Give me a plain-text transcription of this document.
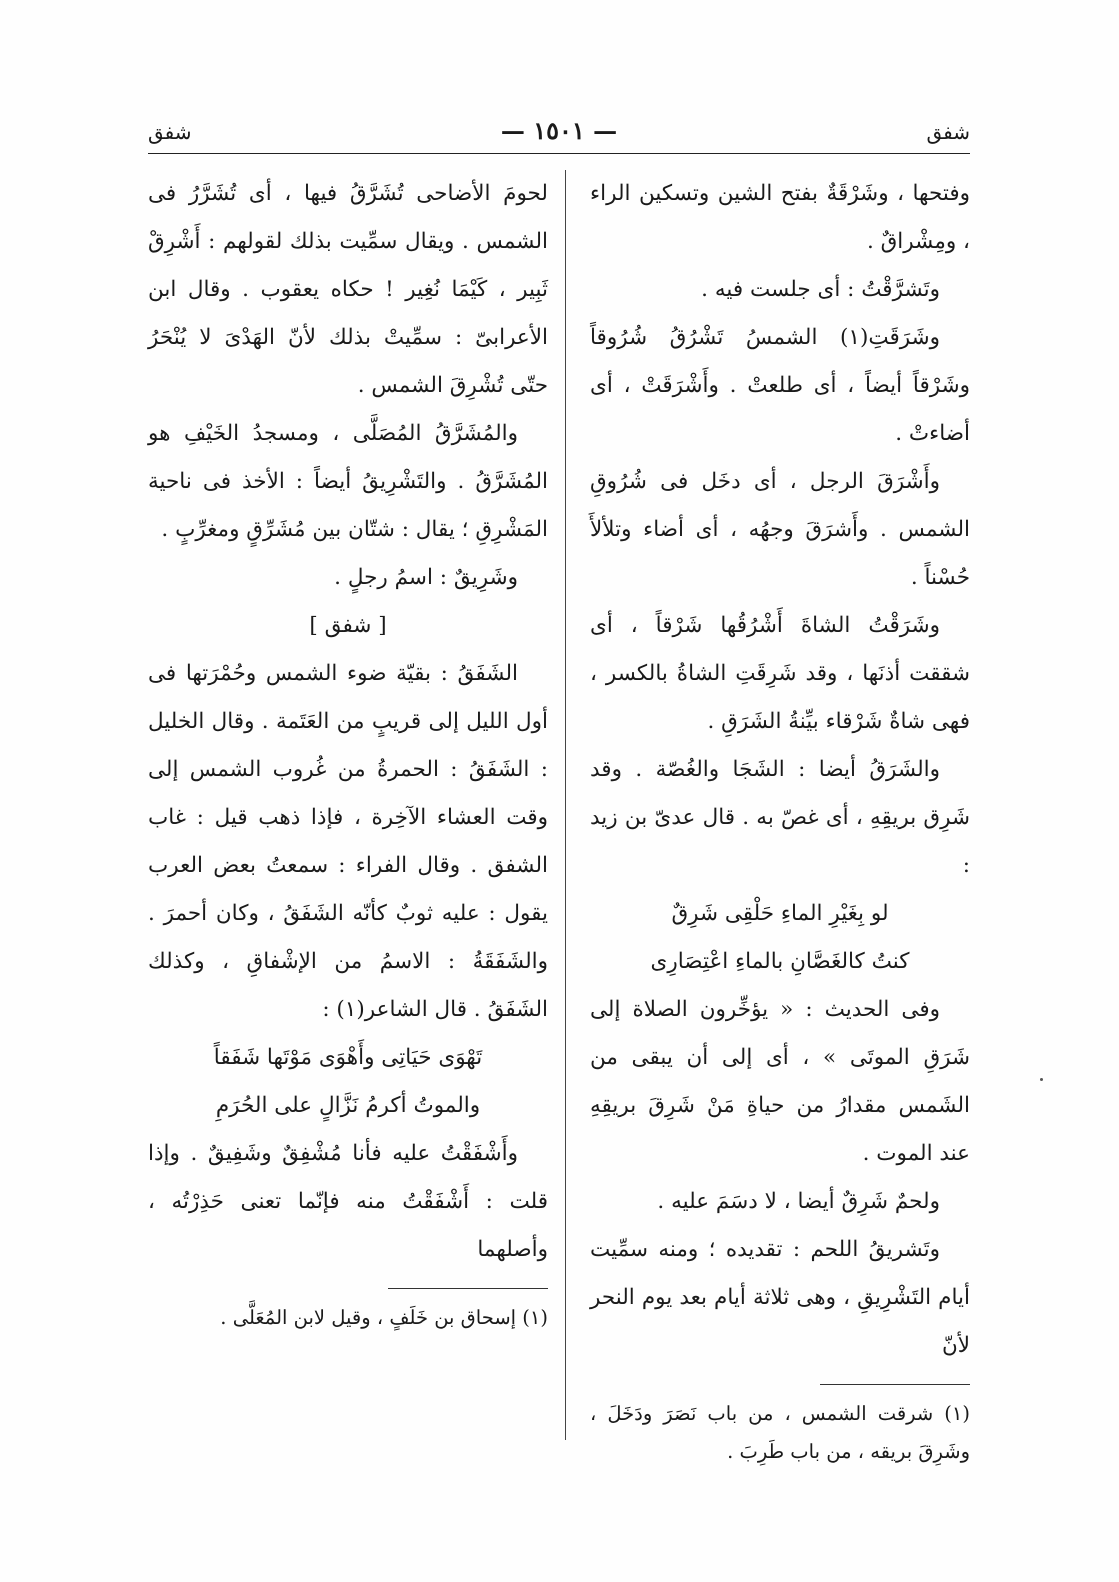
شفق
— ١٥٠١ —
شفق

وفتحها ، وشَرْقَةٌ بفتح الشين وتسكين الراء ، ومِشْراقٌ .

وتَشرَّقْتُ : أى جلست فيه .

وشَرَقَتِ(١) الشمسُ تَشْرُقُ شُرُوقاً وشَرْقاً أيضاً ، أى طلعتْ . وأَشْرَقَتْ ، أى أضاءتْ .

وأَشْرَقَ الرجل ، أى دخَل فى شُرُوقِ الشمس . وأَشرَقَ وجهُه ، أى أضاء وتلألأَ حُسْناً .

وشَرَقْتُ الشاةَ أَشْرُقُها شَرْقاً ، أى شققت أذنَها ، وقد شَرِقَتِ الشاةُ بالكسر ، فهى شاةٌ شَرْقاء بيِّنةُ الشَرَقِ .

والشَرَقُ أيضا : الشَجَا والغُصّة . وقد شَرِق بريقِهِ ، أى غصّ به . قال عدىّ بن زيد :

لو بِغَيْرِ الماءِ حَلْقِى شَرِقٌ

كنتُ كالغَصَّانِ بالماءِ اعْتِصَارِى

وفى الحديث : « يؤخِّرون الصلاة إلى شَرَقِ الموتَى » ، أى إلى أن يبقى من الشَمس مقدارُ من حياةِ مَنْ شَرِقَ بريقِهِ عند الموت .

ولحمٌ شَرِقٌ أيضا ، لا دسَمَ عليه .

وتَشريقُ اللحم : تقديده ؛ ومنه سمِّيت أيام التَشْرِيقِ ، وهى ثلاثة أيام بعد يوم النحر لأنّ

(١) شرقت الشمس ، من باب نَصَرَ ودَخَلَ ، وشَرِقَ بريقه ، من باب طَرِبَ .

لحومَ الأضاحى تُشَرَّقُ فيها ، أى تُشَرَّرُ فى الشمس . ويقال سمِّيت بذلك لقولهم : أَشْرِقْ ثَبِير ، كَيْمَا نُغِير ! حكاه يعقوب . وقال ابن الأعرابىّ : سمِّيتْ بذلك لأنّ الهَدْىَ لا يُنْحَرُ حتّى تُشْرِقَ الشمس .

والمُشَرَّقُ المُصَلَّى ، ومسجدُ الخَيْفِ هو المُشَرَّقُ . والتَشْرِيقُ أيضاً : الأخذ فى ناحية المَشْرِقِ ؛ يقال : شتّان بين مُشَرِّقٍ ومغرِّبٍ .

وشَرِيقٌ : اسمُ رجلٍ .

[ شفق ]

الشَفَقُ : بقيّة ضوء الشمس وحُمْرَتها فى أول الليل إلى قريبٍ من العَتَمة . وقال الخليل : الشَفَقُ : الحمرةُ من غُروب الشمس إلى وقت العشاء الآخِرة ، فإذا ذهب قيل : غاب الشفق . وقال الفراء : سمعتُ بعض العرب يقول : عليه ثوبٌ كأنّه الشَفَقُ ، وكان أحمرَ . والشَفَقَةُ : الاسمُ من الإشْفاقِ ، وكذلك الشَفَقُ . قال الشاعر(١) :

تَهْوَى حَيَاتِى وأَهْوَى مَوْتَها شَفَقاً

والموتُ أكرمُ نَزَّالٍ على الحُرَمِ

وأَشْفَقْتُ عليه فأنا مُشْفِقٌ وشَفِيقٌ . وإذا قلت : أَشْفَقْتُ منه فإنّما تعنى حَذِرْتُه ، وأصلهما

(١) إسحاق بن خَلَفٍ ، وقيل لابن المُعَلَّى .
